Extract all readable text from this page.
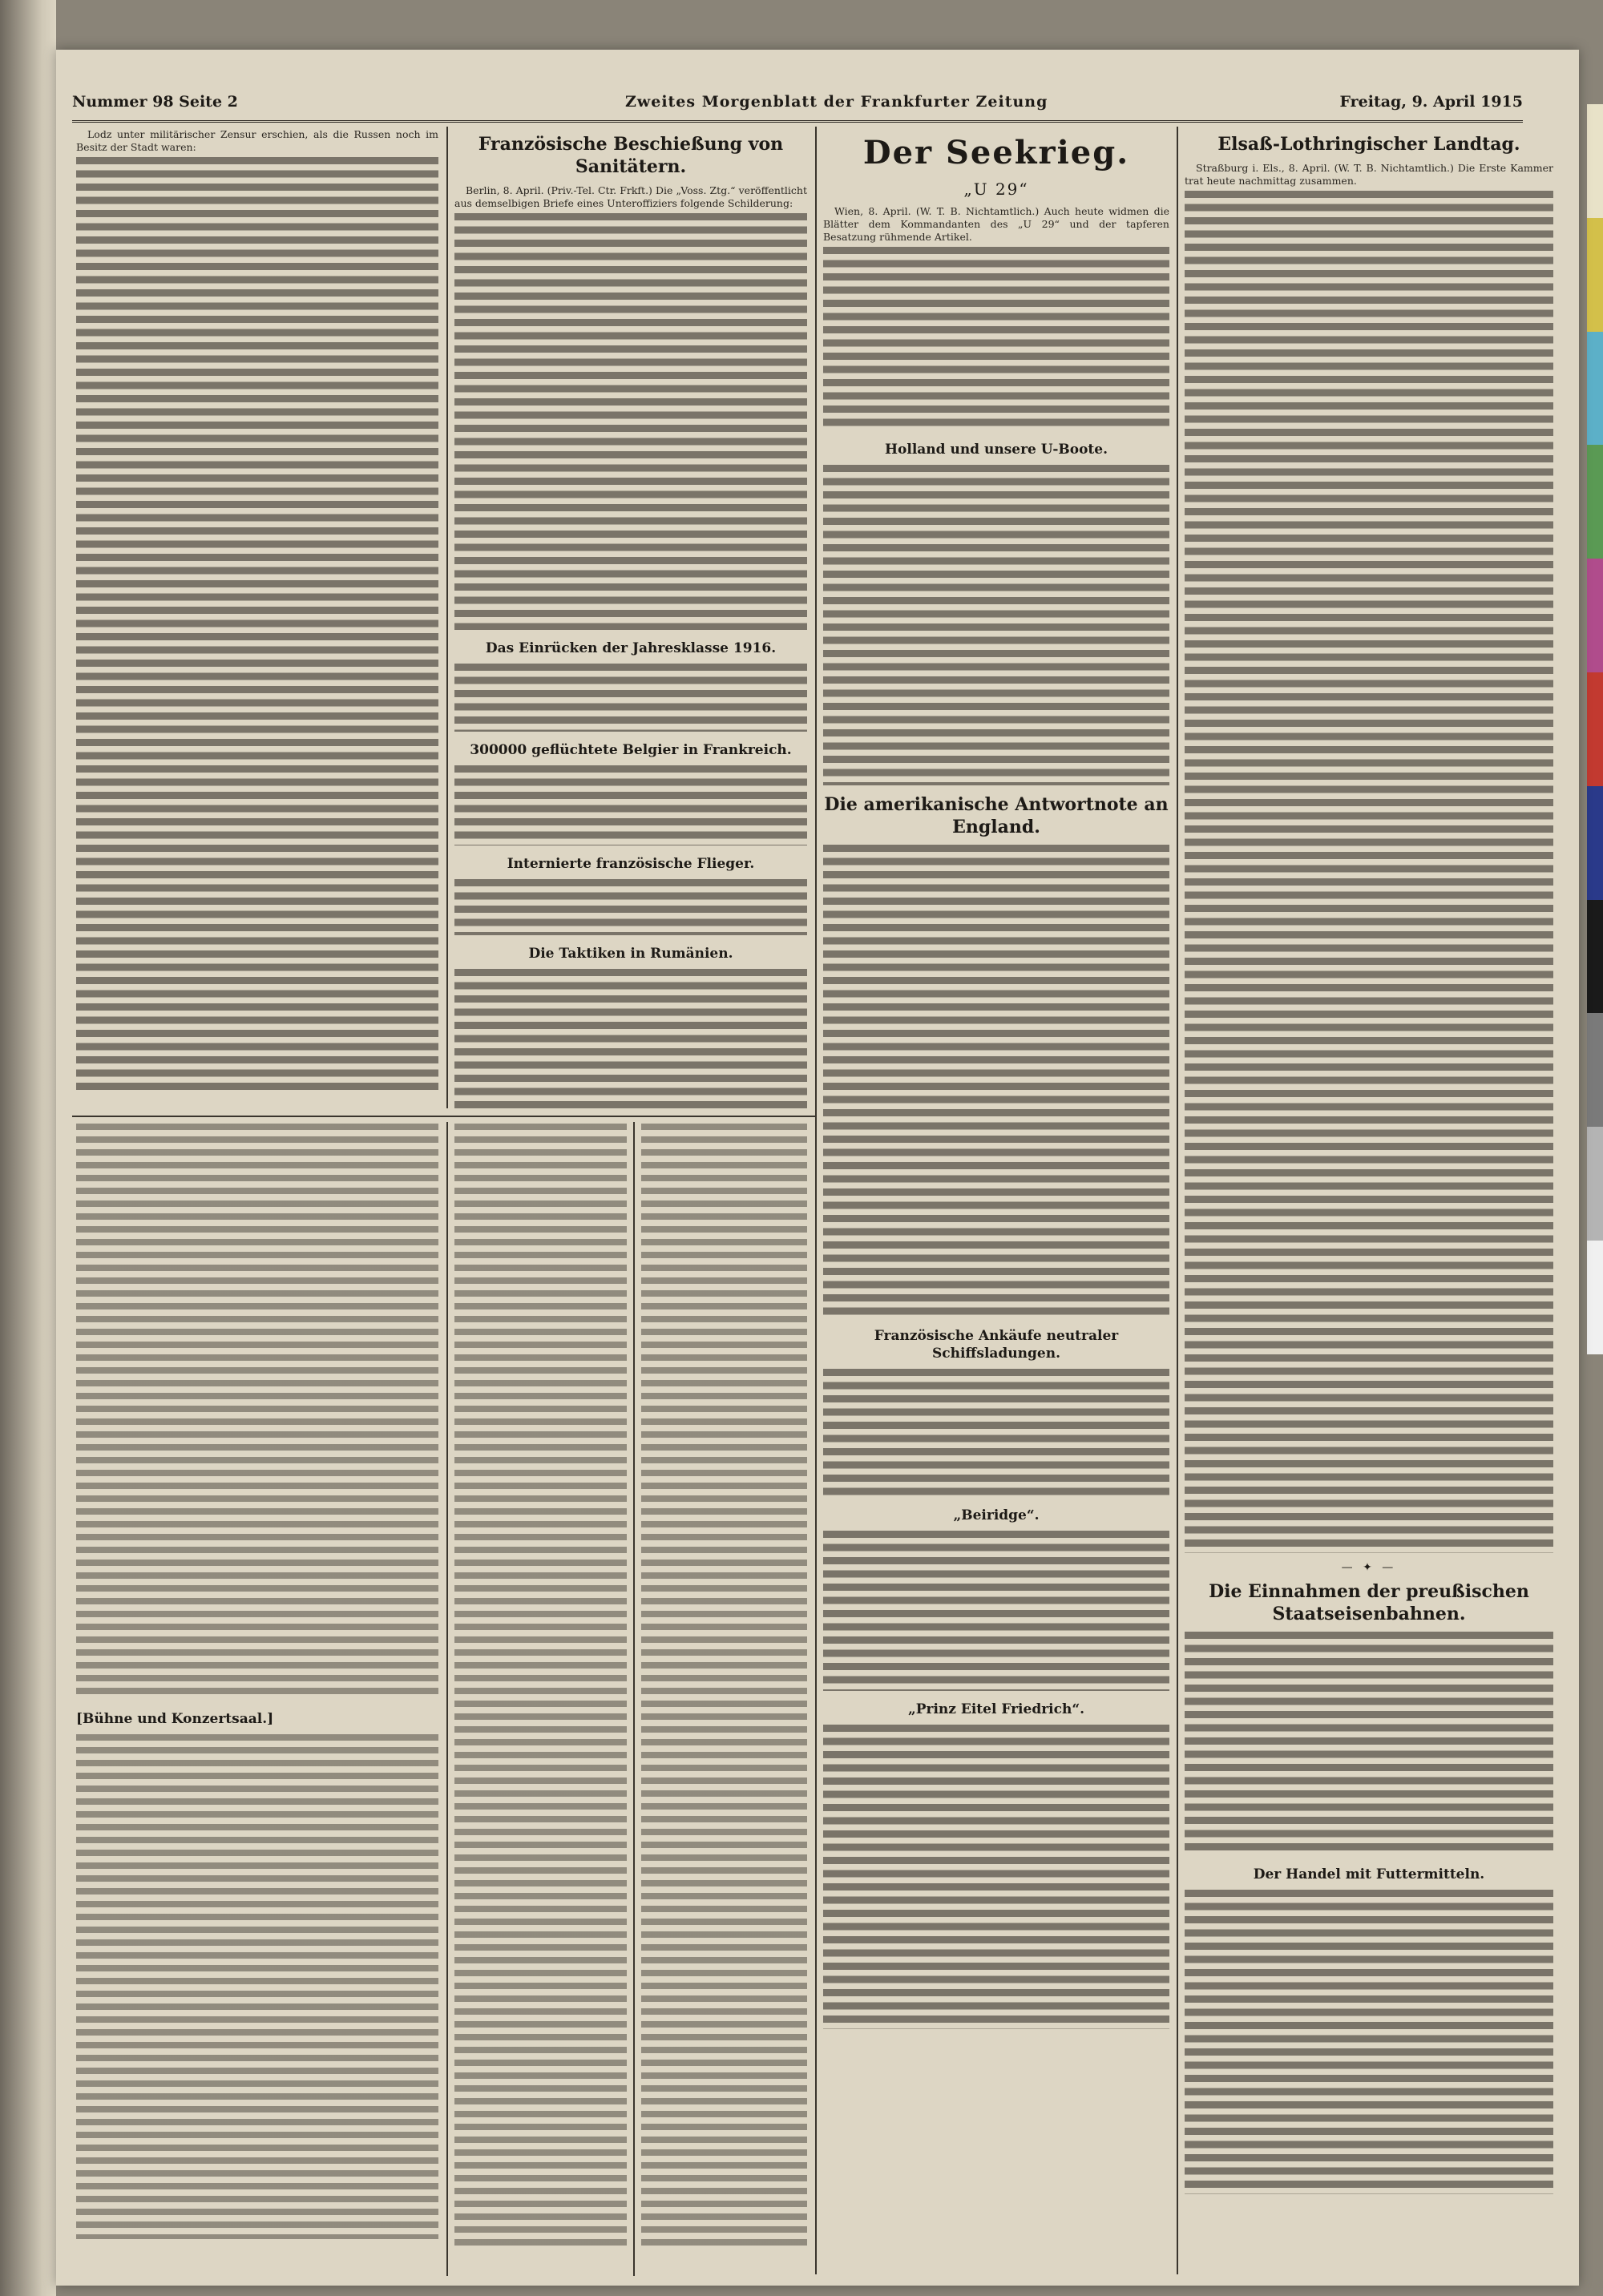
Nummer 98 Seite 2	Zweites Morgenblatt der Frankfurter Zeitung	Freitag, 9. April 1915

Lodz unter militärischer Zensur erschien, als die Russen noch im Besitz der Stadt waren:	Französische Beschießung von Sanitätern.

Berlin, 8. April. (Priv.-Tel. Ctr. Frkft.) Die „Voss. Ztg.“ veröffentlicht aus demselbigen Briefe eines Unteroffiziers folgende Schilderung:

Das Einrücken der Jahresklasse 1916.
300000 geflüchtete Belgier in Frankreich.
Internierte französische Flieger.
Die Taktiken in Rumänien.
Der Seekrieg.
„U 29“

Wien, 8. April. (W. T. B. Nichtamtlich.) Auch heute widmen die Blätter dem Kommandanten des „U 29“ und der tapferen Besatzung rühmende Artikel.

Holland und unsere U-Boote.
Die amerikanische Antwortnote an England.
Französische Ankäufe neutraler Schiffsladungen.
„Beiridge“.
„Prinz Eitel Friedrich“.
Elsaß-Lothringischer Landtag.

Straßburg i. Els., 8. April. (W. T. B. Nichtamtlich.) Die Erste Kammer trat heute nachmittag zusammen.

— ✦ —
Die Einnahmen der preußischen Staatseisenbahnen.
Der Handel mit Futtermitteln.
[Bühne und Konzertsaal.]
